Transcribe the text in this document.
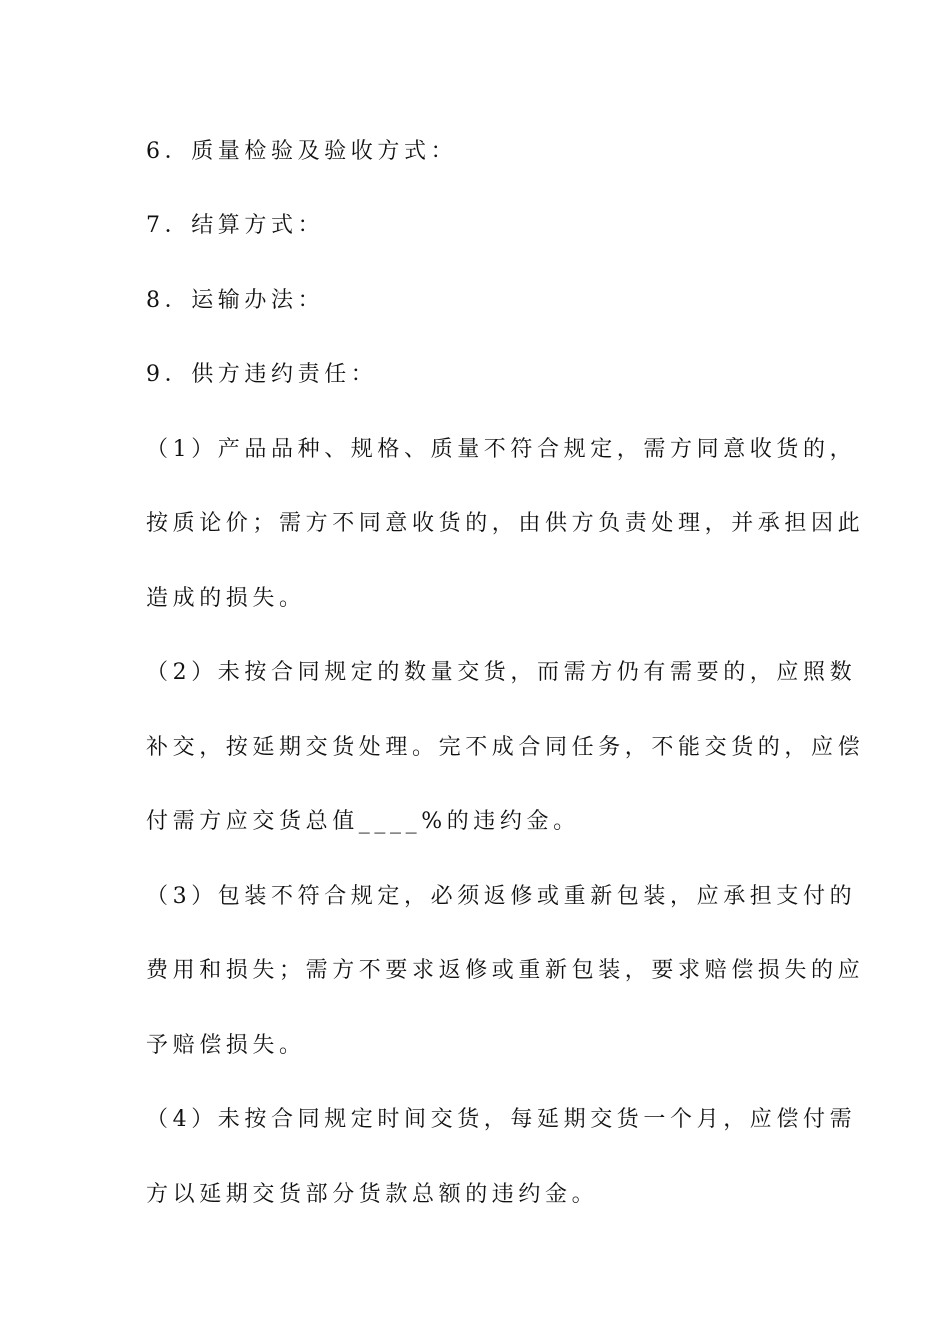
6．质量检验及验收方式：
7．结算方式：
8．运输办法：
9．供方违约责任：
（1）产品品种、规格、质量不符合规定，需方同意收货的，
按质论价；需方不同意收货的，由供方负责处理，并承担因此
造成的损失。
（2）未按合同规定的数量交货，而需方仍有需要的，应照数
补交，按延期交货处理。完不成合同任务，不能交货的，应偿
付需方应交货总值____%的违约金。
（3）包装不符合规定，必须返修或重新包装，应承担支付的
费用和损失；需方不要求返修或重新包装，要求赔偿损失的应
予赔偿损失。
（4）未按合同规定时间交货，每延期交货一个月，应偿付需
方以延期交货部分货款总额的违约金。
